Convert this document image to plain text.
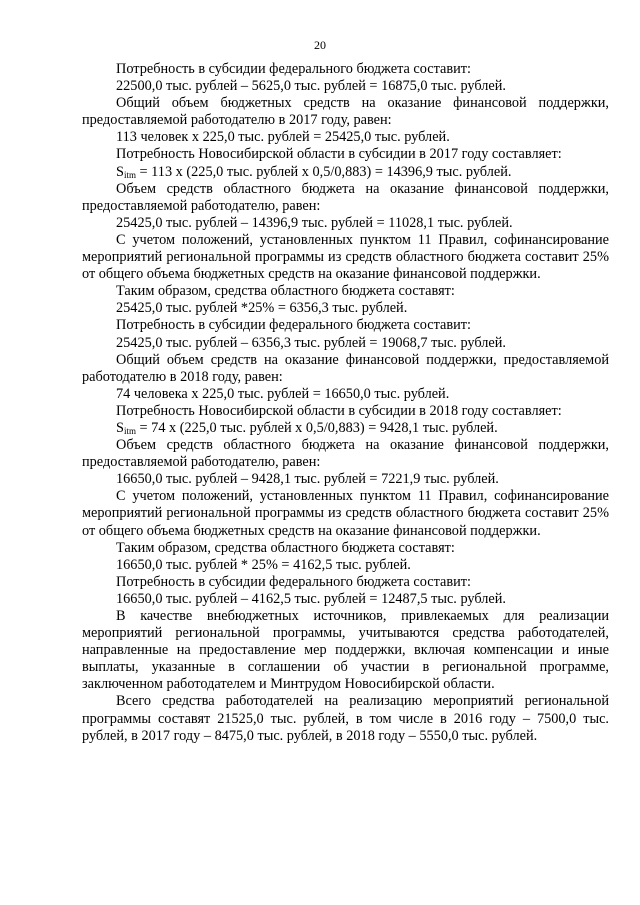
20

Потребность в субсидии федерального бюджета составит:

22500,0 тыс. рублей – 5625,0 тыс. рублей = 16875,0 тыс. рублей.

Общий объем бюджетных средств на оказание финансовой поддержки, предоставляемой работодателю в 2017 году, равен:

113 человек х 225,0 тыс. рублей = 25425,0 тыс. рублей.

Потребность Новосибирской области в субсидии в 2017 году составляет:

$S_{itm} = 113$ х (225,0 тыс. рублей х 0,5/0,883) = 14396,9 тыс. рублей.

Объем средств областного бюджета на оказание финансовой поддержки, предоставляемой работодателю, равен:

25425,0 тыс. рублей – 14396,9 тыс. рублей = 11028,1 тыс. рублей.

С учетом положений, установленных пунктом 11 Правил, софинансирование мероприятий региональной программы из средств областного бюджета составит 25% от общего объема бюджетных средств на оказание финансовой поддержки.

Таким образом, средства областного бюджета составят:

25425,0 тыс. рублей *25% = 6356,3 тыс. рублей.

Потребность в субсидии федерального бюджета составит:

25425,0 тыс. рублей – 6356,3 тыс. рублей = 19068,7 тыс. рублей.

Общий объем средств на оказание финансовой поддержки, предоставляемой работодателю в 2018 году, равен:

74 человека х 225,0 тыс. рублей = 16650,0 тыс. рублей.

Потребность Новосибирской области в субсидии в 2018 году составляет:

$S_{itm} = 74$ х (225,0 тыс. рублей х 0,5/0,883) = 9428,1 тыс. рублей.

Объем средств областного бюджета на оказание финансовой поддержки, предоставляемой работодателю, равен:

16650,0 тыс. рублей – 9428,1 тыс. рублей = 7221,9 тыс. рублей.

С учетом положений, установленных пунктом 11 Правил, софинансирование мероприятий региональной программы из средств областного бюджета составит 25% от общего объема бюджетных средств на оказание финансовой поддержки.

Таким образом, средства областного бюджета составят:

16650,0 тыс. рублей * 25% = 4162,5 тыс. рублей.

Потребность в субсидии федерального бюджета составит:

16650,0 тыс. рублей – 4162,5 тыс. рублей = 12487,5 тыс. рублей.

В качестве внебюджетных источников, привлекаемых для реализации мероприятий региональной программы, учитываются средства работодателей, направленные на предоставление мер поддержки, включая компенсации и иные выплаты, указанные в соглашении об участии в региональной программе, заключенном работодателем и Минтрудом Новосибирской области.

Всего средства работодателей на реализацию мероприятий региональной программы составят 21525,0 тыс. рублей, в том числе в 2016 году – 7500,0 тыс. рублей, в 2017 году – 8475,0 тыс. рублей, в 2018 году – 5550,0 тыс. рублей.
